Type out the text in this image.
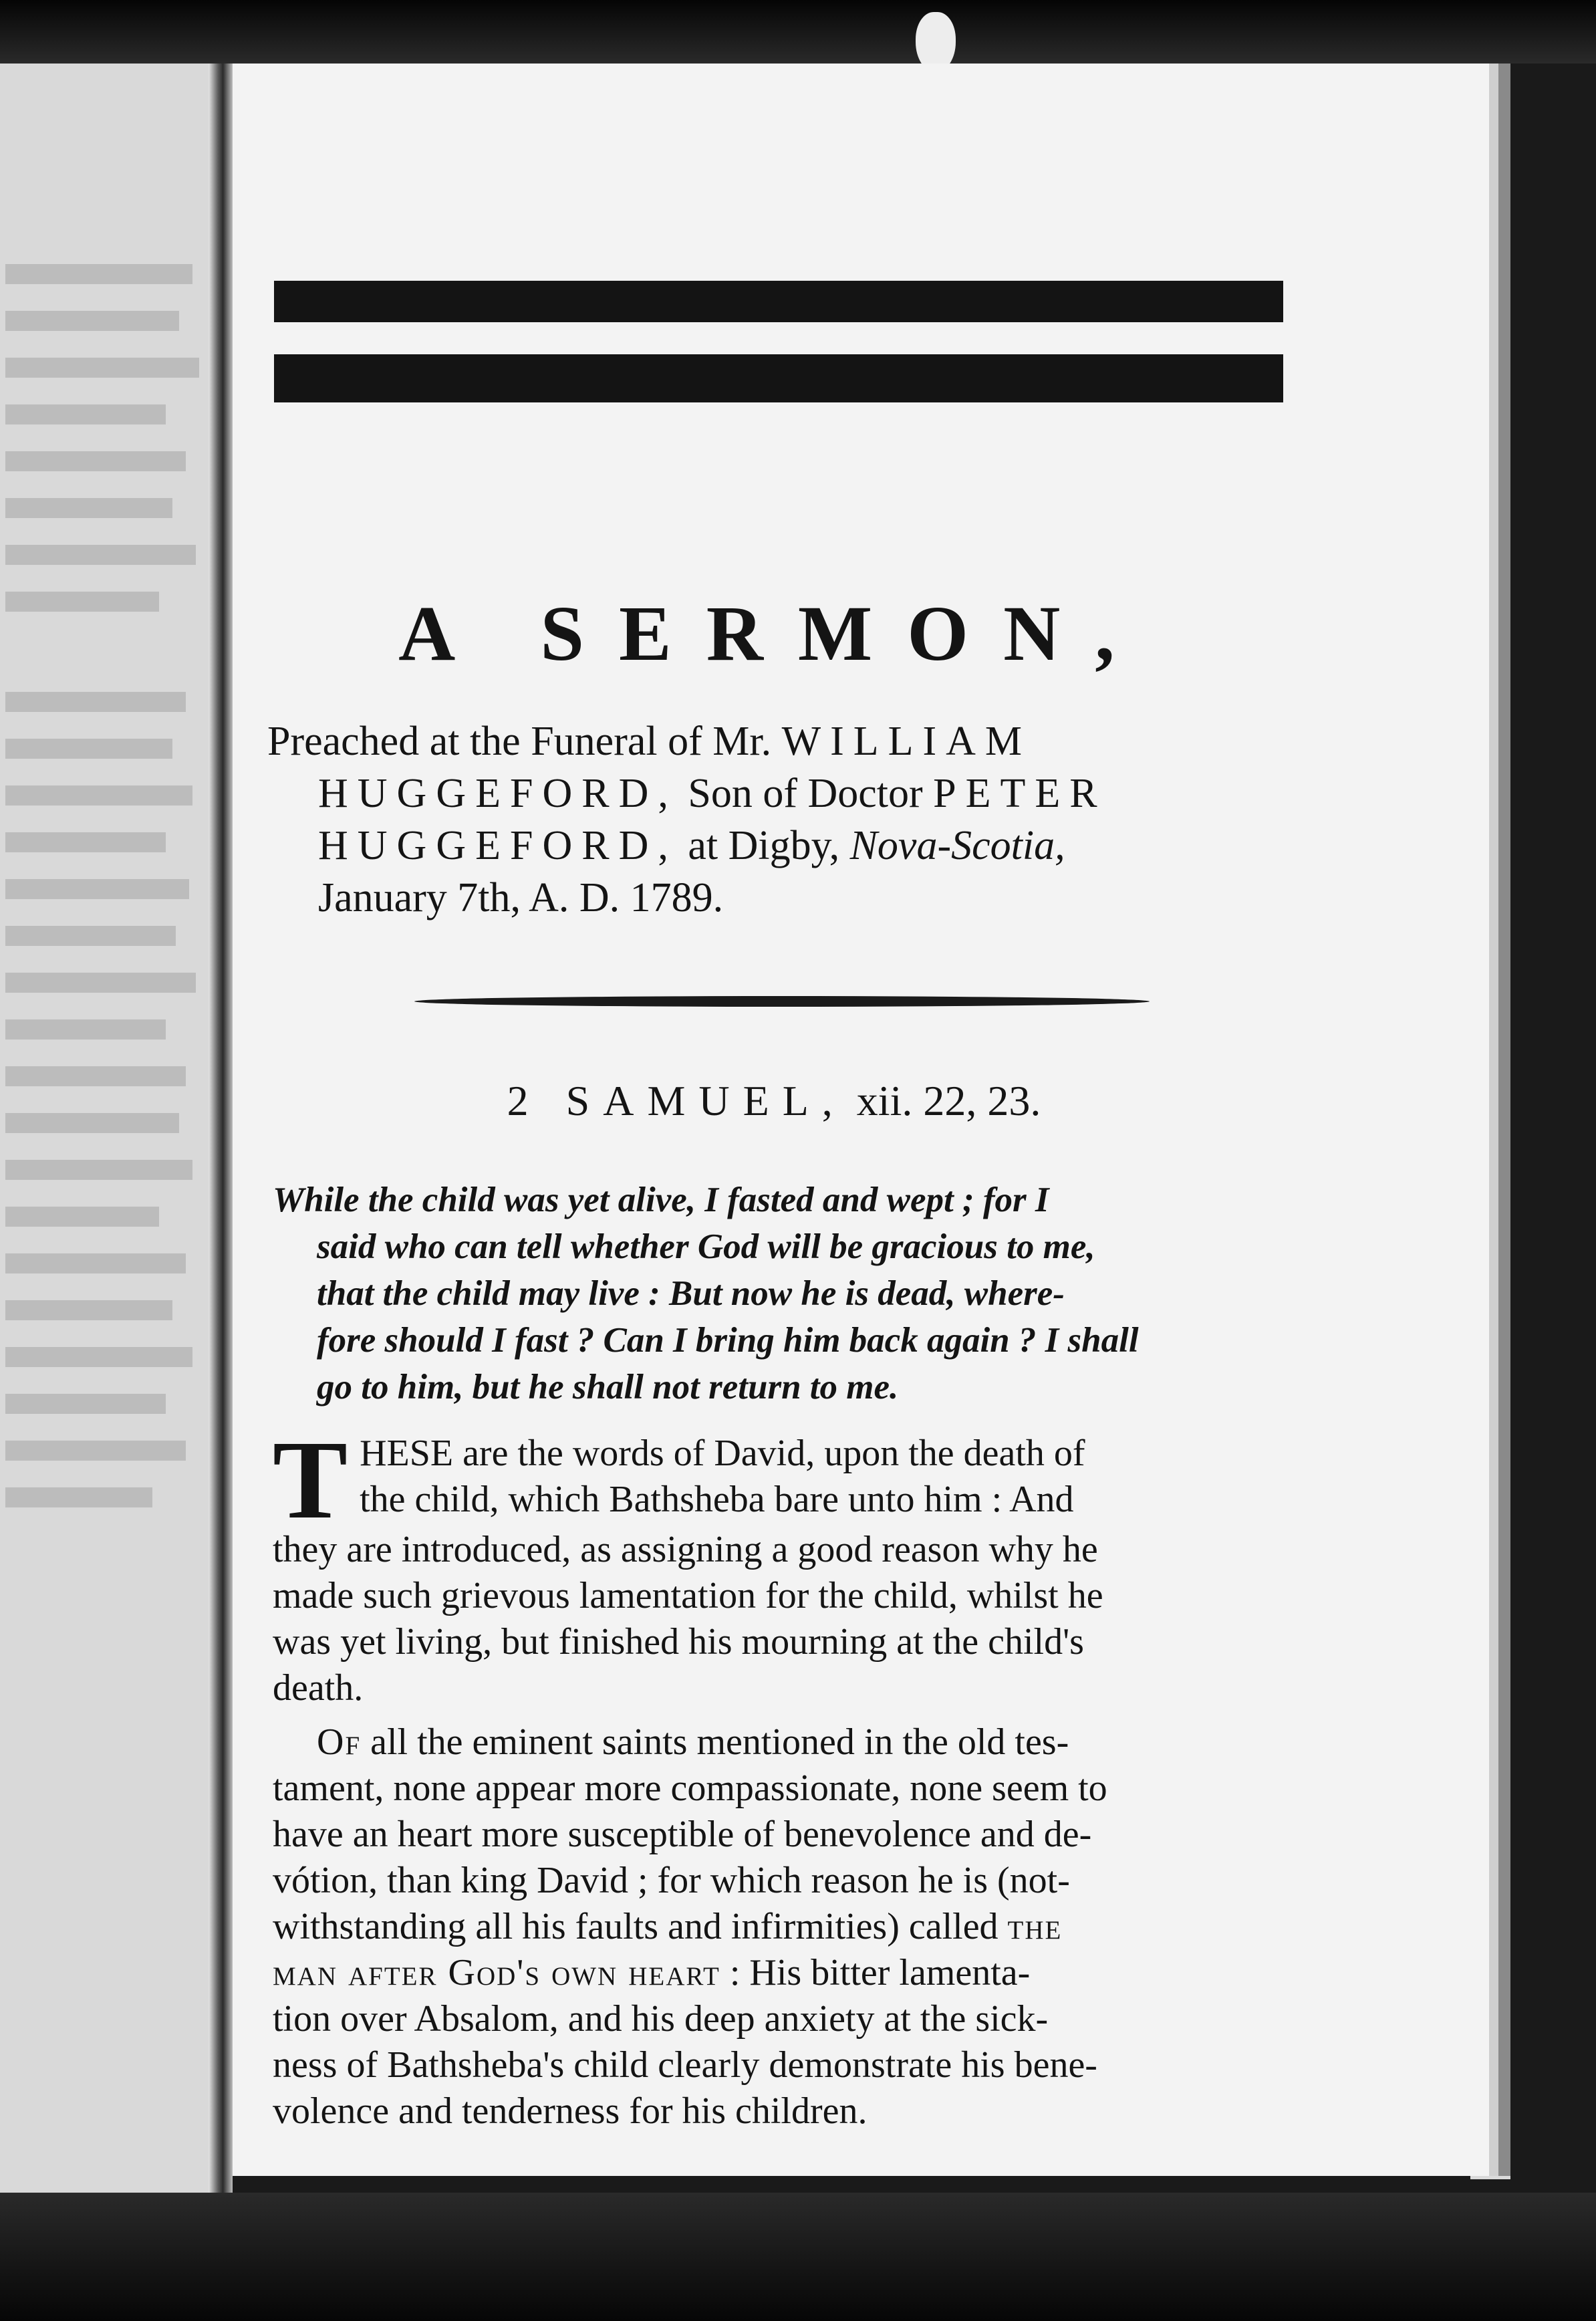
A SERMON,
Preached at the Funeral of Mr. WILLIAM
HUGGEFORD, Son of Doctor PETER
HUGGEFORD, at Digby, Nova-Scotia,
January 7th, A. D. 1789.
2 SAMUEL, xii. 22, 23.
While the child was yet alive, I fasted and wept ; for I
said who can tell whether God will be gracious to me,
that the child may live : But now he is dead, where-
fore should I fast ? Can I bring him back again ? I shall
go to him, but he shall not return to me.
T HESE are the words of David, upon the death of
the child, which Bathsheba bare unto him : And
they are introduced, as assigning a good reason why he
made such grievous lamentation for the child, whilst he
was yet living, but finished his mourning at the child's
death.
Of all the eminent saints mentioned in the old tes-
tament, none appear more compassionate, none seem to
have an heart more susceptible of benevolence and de-
vótion, than king David ; for which reason he is (not-
withstanding all his faults and infirmities) called the
man after God's own heart : His bitter lamenta-
tion over Absalom, and his deep anxiety at the sick-
ness of Bathsheba's child clearly demonstrate his bene-
volence and tenderness for his children.
